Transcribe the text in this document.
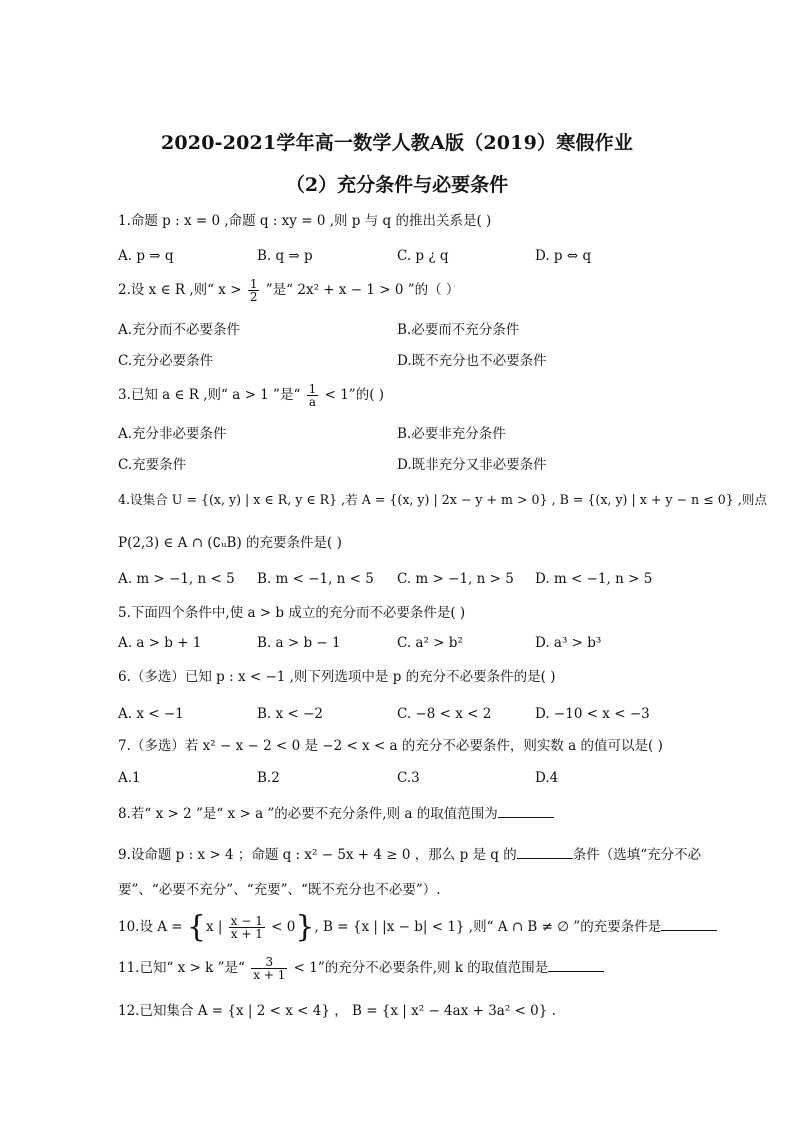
2020-2021学年高一数学人教A版（2019）寒假作业
（2）充分条件与必要条件
1.命题 p : x = 0 ,命题 q : xy = 0 ,则 p 与 q 的推出关系是( )
A. p ⇒ q	B. q ⇒ p	C. p ¿ q	D. p ⇔ q
2.设 x ∈ R ,则“ $x > \frac{1}{2}$ ”是“ 2x² + x − 1 > 0 ”的（ ）
A.充分而不必要条件	B.必要而不充分条件
C.充分必要条件	D.既不充分也不必要条件
3.已知 a ∈ R ,则“ a > 1 ”是“ $\frac{1}{a} < 1$”的( )
A.充分非必要条件	B.必要非充分条件
C.充要条件	D.既非充分又非必要条件
4.设集合 U = {(x, y) | x ∈ R, y ∈ R} ,若 A = {(x, y) | 2x − y + m > 0} , B = {(x, y) | x + y − n ≤ 0} ,则点
P(2,3) ∈ A ∩ (∁ᵤB) 的充要条件是( )
A. m > −1, n < 5 B. m < −1, n < 5 C. m > −1, n > 5 D. m < −1, n > 5
5.下面四个条件中,使 a > b 成立的充分而不必要条件是( )
A. a > b + 1	B. a > b − 1	C. a² > b²	D. a³ > b³
6.（多选）已知 p : x < −1 ,则下列选项中是 p 的充分不必要条件的是( )
A. x < −1	B. x < −2	C. −8 < x < 2	D. −10 < x < −3
7.（多选）若 x² − x − 2 < 0 是 −2 < x < a 的充分不必要条件，则实数 a 的值可以是( )
A.1	B.2	C.3	D.4
8.若“ x > 2 ”是“ x > a ”的必要不充分条件,则 a 的取值范围为
9.设命题 p : x > 4 ；命题 q : x² − 5x + 4 ≥ 0 ，那么 p 是 q 的	条件（选填“充分不必
要”、“必要不充分”、“充要”、“既不充分也不必要”）.
10.设 A = {x | $\frac{x - 1}{x + 1} < 0$}, B = {x | |x − b| < 1} ,则“ A ∩ B ≠ ∅ ”的充要条件是
11.已知“ x > k ”是“ $\frac{3}{x + 1} < 1$”的充分不必要条件,则 k 的取值范围是
12.已知集合 A = {x | 2 < x < 4} ， B = {x | x² − 4ax + 3a² < 0} .
